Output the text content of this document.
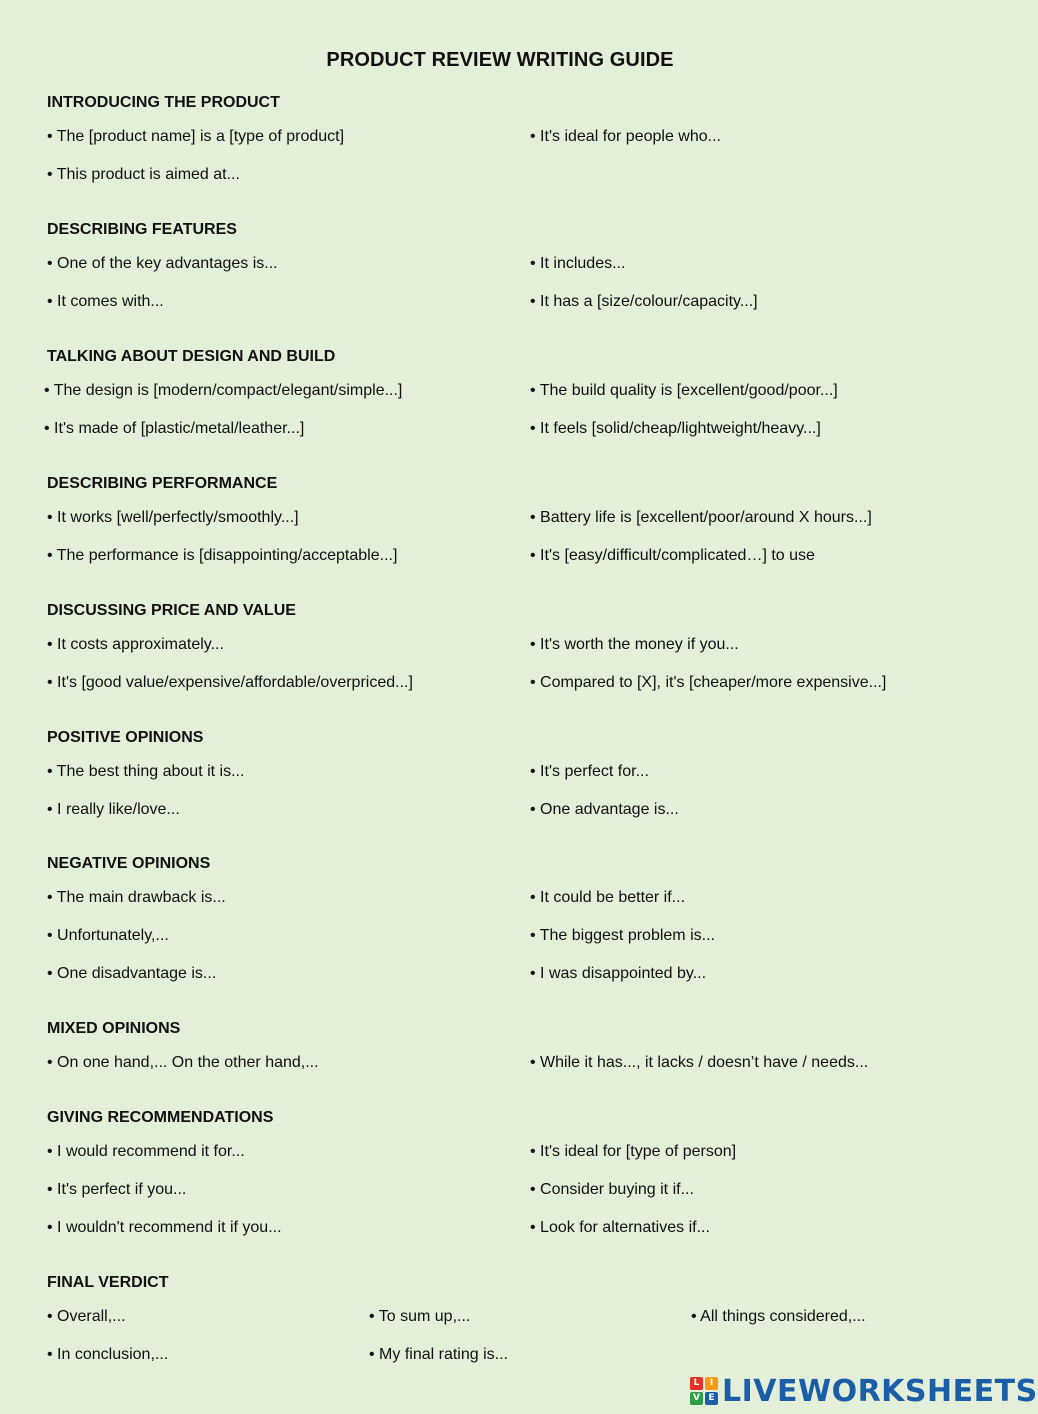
PRODUCT REVIEW WRITING GUIDE
INTRODUCING THE PRODUCT
• The [product name] is a [type of product]	• It's ideal for people who...
• This product is aimed at...
DESCRIBING FEATURES
• One of the key advantages is...	• It includes...
• It comes with...	• It has a [size/colour/capacity...]
TALKING ABOUT DESIGN AND BUILD
• The design is [modern/compact/elegant/simple...]	• The build quality is [excellent/good/poor...]
• It's made of [plastic/metal/leather...]	• It feels [solid/cheap/lightweight/heavy...]
DESCRIBING PERFORMANCE
• It works [well/perfectly/smoothly...]	• Battery life is [excellent/poor/around X hours...]
• The performance is [disappointing/acceptable...]	• It's [easy/difficult/complicated…] to use
DISCUSSING PRICE AND VALUE
• It costs approximately...	• It's worth the money if you...
• It's [good value/expensive/affordable/overpriced...]	• Compared to [X], it's [cheaper/more expensive...]
POSITIVE OPINIONS
• The best thing about it is...	• It's perfect for...
• I really like/love...	• One advantage is...
NEGATIVE OPINIONS
• The main drawback is...	• It could be better if...
• Unfortunately,...	• The biggest problem is...
• One disadvantage is...	• I was disappointed by...
MIXED OPINIONS
• On one hand,... On the other hand,...	• While it has..., it lacks / doesn’t have / needs...
GIVING RECOMMENDATIONS
• I would recommend it for...	• It's ideal for [type of person]
• It's perfect if you...	• Consider buying it if...
• I wouldn't recommend it if you...	• Look for alternatives if...
FINAL VERDICT
• Overall,...	• To sum up,...	• All things considered,...
• In conclusion,...	• My final rating is...
L	I
V E LIVEWORKSHEETS
